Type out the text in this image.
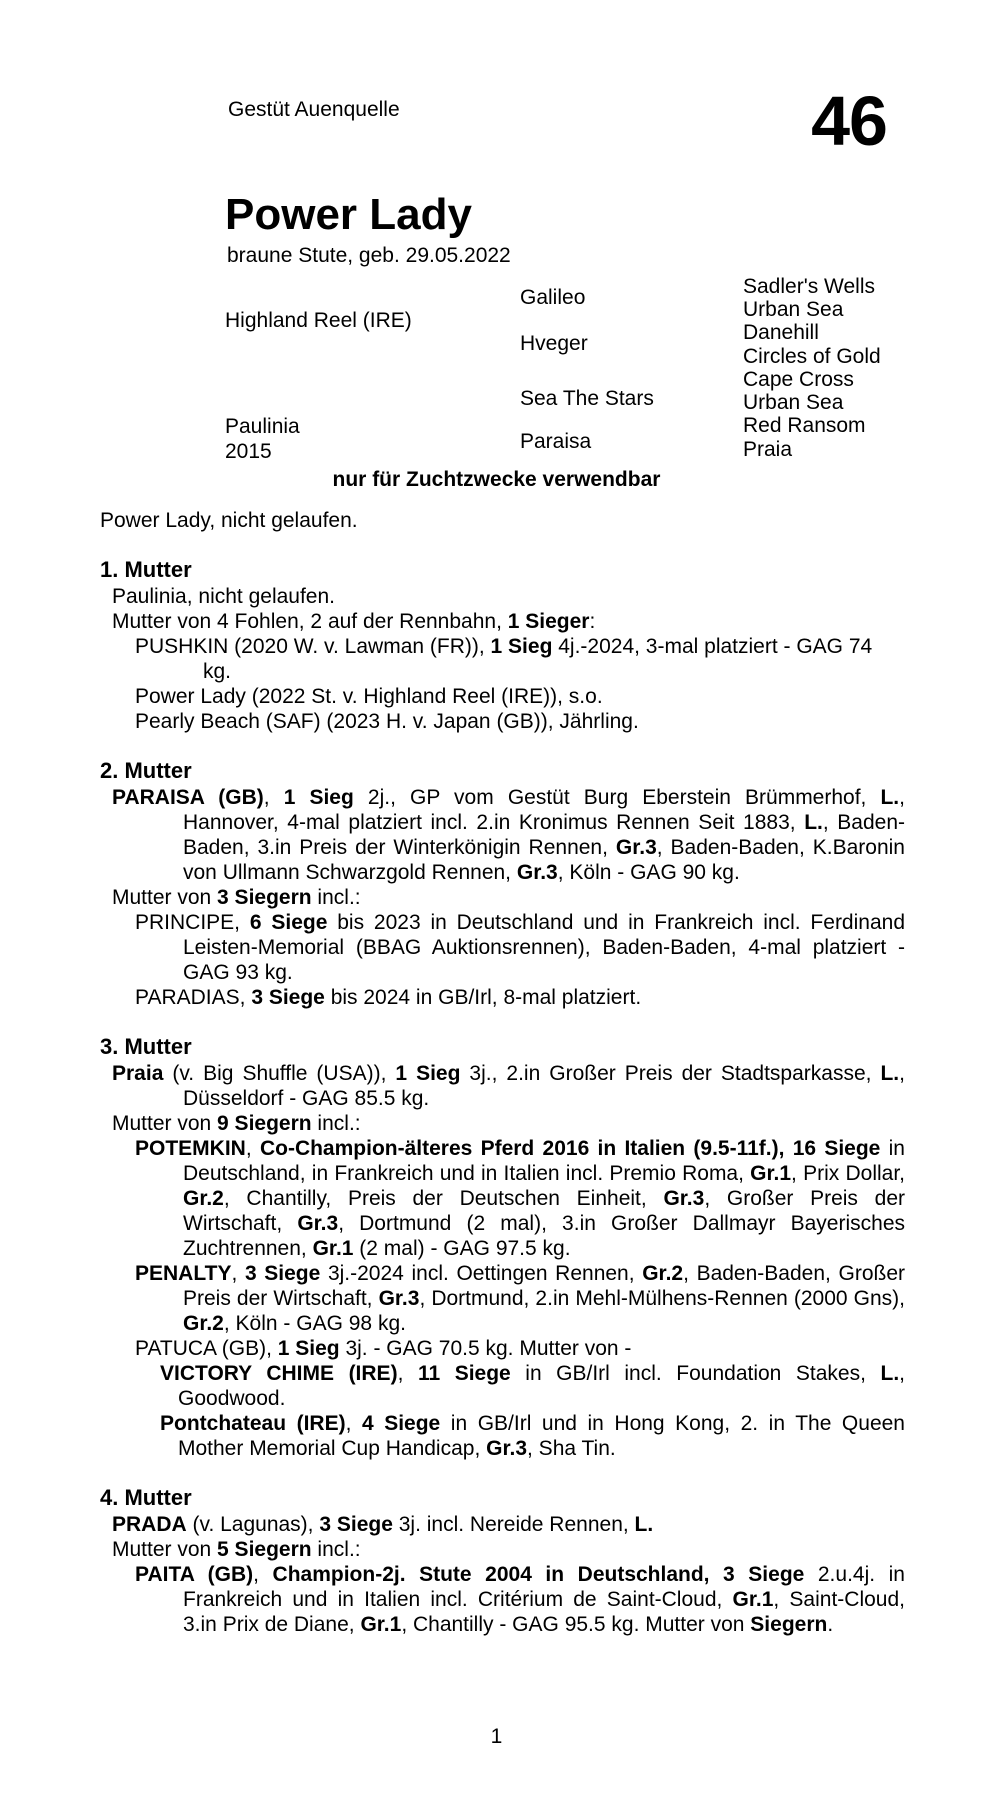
Gestüt Auenquelle	46
Power Lady
braune Stute, geb. 29.05.2022
Highland Reel (IRE)
Paulinia
2015
Galileo
Hveger
Sea The Stars
Paraisa
Sadler's Wells
Urban Sea
Danehill
Circles of Gold
Cape Cross
Urban Sea
Red Ransom
Praia
nur für Zuchtzwecke verwendbar
Power Lady, nicht gelaufen.
1. Mutter
Paulinia, nicht gelaufen.
Mutter von 4 Fohlen, 2 auf der Rennbahn, 1 Sieger:
PUSHKIN (2020 W. v. Lawman (FR)), 1 Sieg 4j.-2024, 3-mal platziert - GAG 74 kg.
Power Lady (2022 St. v. Highland Reel (IRE)), s.o.
Pearly Beach (SAF) (2023 H. v. Japan (GB)), Jährling.
2. Mutter
PARAISA (GB), 1 Sieg 2j., GP vom Gestüt Burg Eberstein Brümmerhof, L., Hannover, 4-mal platziert incl. 2.in Kronimus Rennen Seit 1883, L., Baden-Baden, 3.in Preis der Winterkönigin Rennen, Gr.3, Baden-Baden, K.Baronin von Ullmann Schwarzgold Rennen, Gr.3, Köln - GAG 90 kg.
Mutter von 3 Siegern incl.:
PRINCIPE, 6 Siege bis 2023 in Deutschland und in Frankreich incl. Ferdinand Leisten-Memorial (BBAG Auktionsrennen), Baden-Baden, 4-mal platziert - GAG 93 kg.
PARADIAS, 3 Siege bis 2024 in GB/Irl, 8-mal platziert.
3. Mutter
Praia (v. Big Shuffle (USA)), 1 Sieg 3j., 2.in Großer Preis der Stadtsparkasse, L., Düsseldorf - GAG 85.5 kg.
Mutter von 9 Siegern incl.:
POTEMKIN, Co-Champion-älteres Pferd 2016 in Italien (9.5-11f.), 16 Siege in Deutschland, in Frankreich und in Italien incl. Premio Roma, Gr.1, Prix Dollar, Gr.2, Chantilly, Preis der Deutschen Einheit, Gr.3, Großer Preis der Wirtschaft, Gr.3, Dortmund (2 mal), 3.in Großer Dallmayr Bayerisches Zuchtrennen, Gr.1 (2 mal) - GAG 97.5 kg.
PENALTY, 3 Siege 3j.-2024 incl. Oettingen Rennen, Gr.2, Baden-Baden, Großer Preis der Wirtschaft, Gr.3, Dortmund, 2.in Mehl-Mülhens-Rennen (2000 Gns), Gr.2, Köln - GAG 98 kg.
PATUCA (GB), 1 Sieg 3j. - GAG 70.5 kg. Mutter von -
VICTORY CHIME (IRE), 11 Siege in GB/Irl incl. Foundation Stakes, L., Goodwood.
Pontchateau (IRE), 4 Siege in GB/Irl und in Hong Kong, 2. in The Queen Mother Memorial Cup Handicap, Gr.3, Sha Tin.
4. Mutter
PRADA (v. Lagunas), 3 Siege 3j. incl. Nereide Rennen, L.
Mutter von 5 Siegern incl.:
PAITA (GB), Champion-2j. Stute 2004 in Deutschland, 3 Siege 2.u.4j. in Frankreich und in Italien incl. Critérium de Saint-Cloud, Gr.1, Saint-Cloud, 3.in Prix de Diane, Gr.1, Chantilly - GAG 95.5 kg. Mutter von Siegern.
1
